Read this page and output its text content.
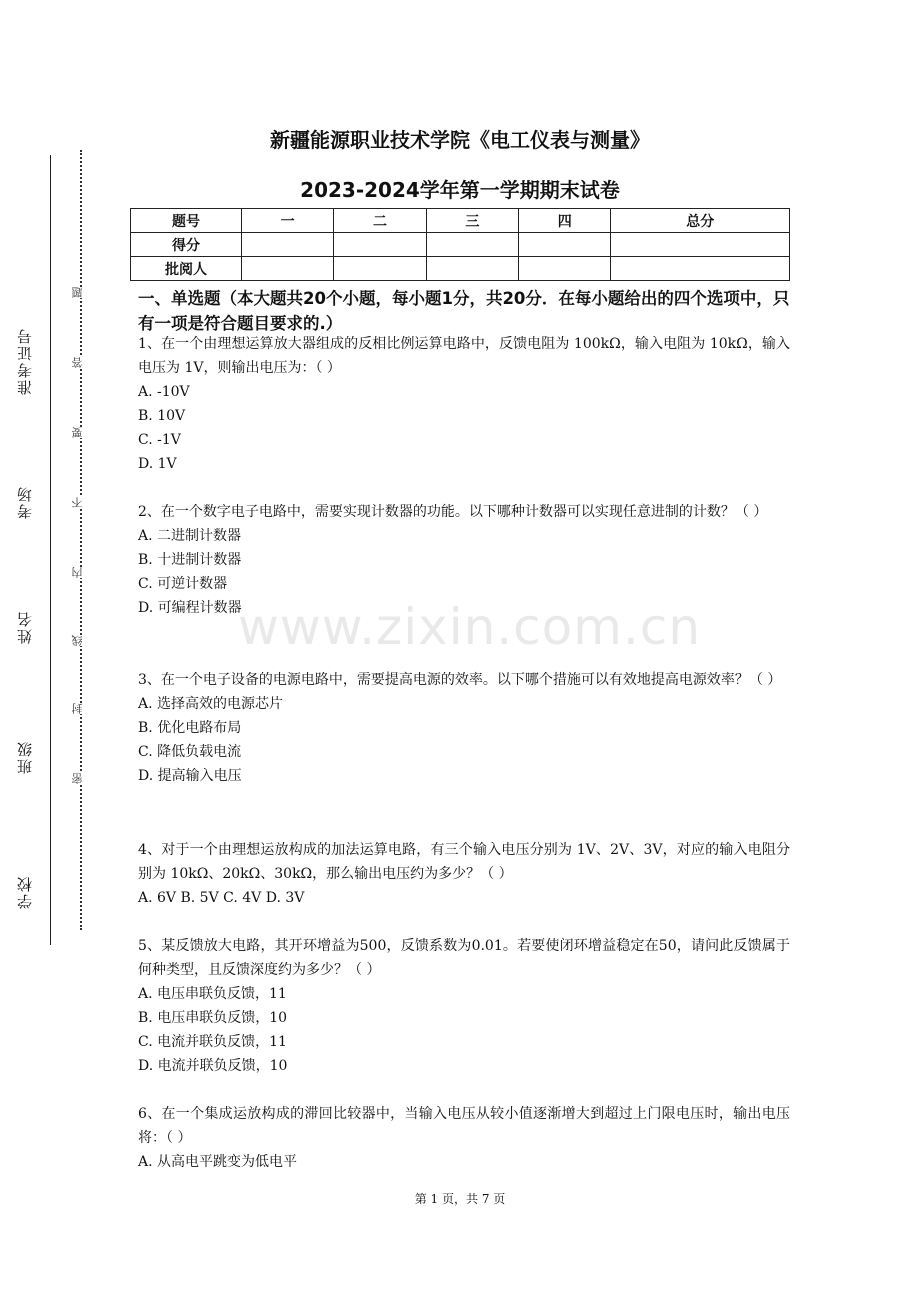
学校
班级
姓名
考场
准考证号
密
封
线
内
不
要
答
题
新疆能源职业技术学院《电工仪表与测量》
2023-2024学年第一学期期末试卷
题号	一	二	三	四	总分
得分					
批阅人					
一、单选题（本大题共20个小题，每小题1分，共20分．在每小题给出的四个选项中，只有一项是符合题目要求的.）
www.zixin.com.cn

1、在一个由理想运算放大器组成的反相比例运算电路中，反馈电阻为 100kΩ，输入电阻为 10kΩ，输入电压为 1V，则输出电压为：（ ）

A. -10V

B. 10V

C. -1V

D. 1V

2、在一个数字电子电路中，需要实现计数器的功能。以下哪种计数器可以实现任意进制的计数？（ ）

A. 二进制计数器

B. 十进制计数器

C. 可逆计数器

D. 可编程计数器

3、在一个电子设备的电源电路中，需要提高电源的效率。以下哪个措施可以有效地提高电源效率？（ ）

A. 选择高效的电源芯片

B. 优化电路布局

C. 降低负载电流

D. 提高输入电压

4、对于一个由理想运放构成的加法运算电路，有三个输入电压分别为 1V、2V、3V，对应的输入电阻分别为 10kΩ、20kΩ、30kΩ，那么输出电压约为多少？（ ）

A. 6V B. 5V C. 4V D. 3V

5、某反馈放大电路，其开环增益为500，反馈系数为0.01。若要使闭环增益稳定在50，请问此反馈属于何种类型，且反馈深度约为多少？（ ）

A. 电压串联负反馈，11

B. 电压串联负反馈，10

C. 电流并联负反馈，11

D. 电流并联负反馈，10

6、在一个集成运放构成的滞回比较器中，当输入电压从较小值逐渐增大到超过上门限电压时，输出电压将：（ ）

A. 从高电平跳变为低电平

第 1 页，共 7 页
